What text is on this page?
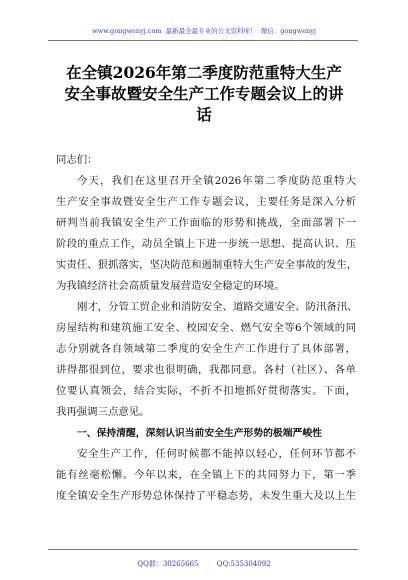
www.gongwenyj.com 最新最全最专业的公文资料库！ 微信：gongwenyj
在全镇2026年第二季度防范重特大生产
安全事故暨安全生产工作专题会议上的讲
话
同志们：
今天，我们在这里召开全镇2026年第二季度防范重特大
生产安全事故暨安全生产工作专题会议，主要任务是深入分析
研判当前我镇安全生产工作面临的形势和挑战，全面部署下一
阶段的重点工作，动员全镇上下进一步统一思想、提高认识、压
实责任、狠抓落实，坚决防范和遏制重特大生产安全事故的发生，
为我镇经济社会高质量发展营造安全稳定的环境。
刚才，分管工贸企业和消防安全、道路交通安全、防汛备汛、
房屋结构和建筑施工安全、校园安全、燃气安全等6个领域的同
志分别就各自领域第二季度的安全生产工作进行了具体部署，
讲得都很到位，要求也很明确，我都同意。各村（社区）、各单
位要认真领会，结合实际，不折不扣地抓好贯彻落实。下面，
我再强调三点意见。
一、保持清醒，深刻认识当前安全生产形势的极端严峻性
安全生产工作，任何时候都不能掉以轻心，任何环节都不
能有丝毫松懈。今年以来，在全镇上下的共同努力下，第一季
度全镇安全生产形势总体保持了平稳态势，未发生重大及以上生
QQ群：30265665	QQ:535304092
